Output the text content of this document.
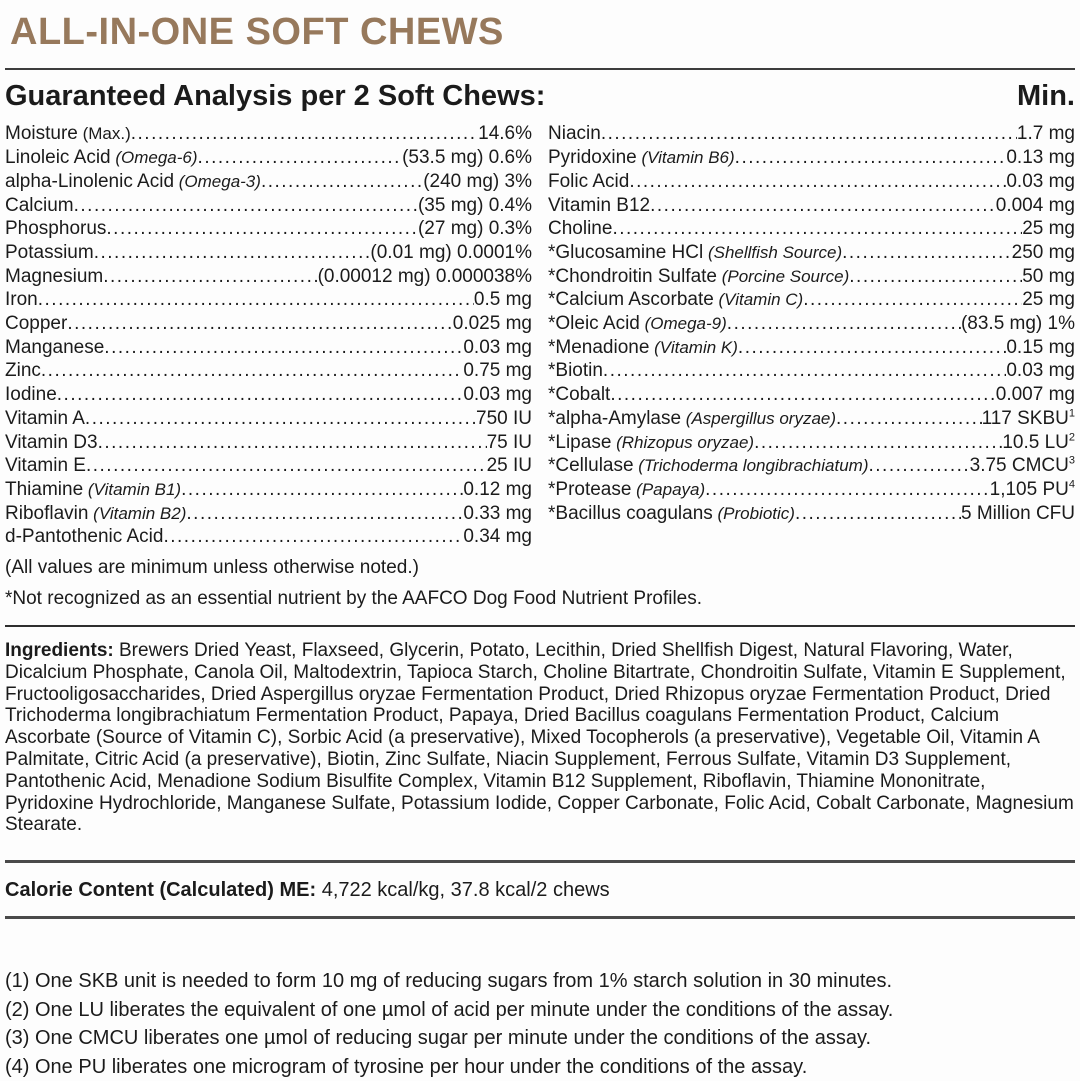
ALL-IN-ONE SOFT CHEWS
Guaranteed Analysis per 2 Soft Chews:	Min.
Moisture (Max.) .....	14.6%
Linoleic Acid (Omega-6) .....	(53.5 mg) 0.6%
alpha-Linolenic Acid (Omega-3) .....	(240 mg) 3%
Calcium .....	(35 mg) 0.4%
Phosphorus .....	(27 mg) 0.3%
Potassium .....	(0.01 mg) 0.0001%
Magnesium .....	(0.00012 mg) 0.000038%
Iron .....	0.5 mg
Copper .....	0.025 mg
Manganese .....	0.03 mg
Zinc .....	0.75 mg
Iodine .....	0.03 mg
Vitamin A .....	750 IU
Vitamin D3 .....	75 IU
Vitamin E .....	25 IU
Thiamine (Vitamin B1) .....	0.12 mg
Riboflavin (Vitamin B2) .....	0.33 mg
d-Pantothenic Acid .....	0.34 mg
Niacin .....	1.7 mg
Pyridoxine (Vitamin B6) .....	0.13 mg
Folic Acid .....	0.03 mg
Vitamin B12 .....	0.004 mg
Choline .....	25 mg
*Glucosamine HCl (Shellfish Source) .....	250 mg
*Chondroitin Sulfate (Porcine Source) .....	50 mg
*Calcium Ascorbate (Vitamin C) .....	25 mg
*Oleic Acid (Omega-9) .....	(83.5 mg) 1%
*Menadione (Vitamin K) .....	0.15 mg
*Biotin .....	0.03 mg
*Cobalt .....	0.007 mg
*alpha-Amylase (Aspergillus oryzae) .....	117 SKBU$^1$
*Lipase (Rhizopus oryzae) .....	10.5 $LU^2$
*Cellulase (Trichoderma longibrachiatum) .....	3.75 CMCU$^3$
*Protease (Papaya) .....	1,105 $PU^4$
*Bacillus coagulans (Probiotic) .....	5 Million CFU
(All values are minimum unless otherwise noted.)
*Not recognized as an essential nutrient by the AAFCO Dog Food Nutrient Profiles.
Ingredients: Brewers Dried Yeast, Flaxseed, Glycerin, Potato, Lecithin, Dried Shellfish Digest, Natural Flavoring, Water, Dicalcium Phosphate, Canola Oil, Maltodextrin, Tapioca Starch, Choline Bitartrate, Chondroitin Sulfate, Vitamin E Supplement, Fructooligosaccharides, Dried Aspergillus oryzae Fermentation Product, Dried Rhizopus oryzae Fermentation Product, Dried Trichoderma longibrachiatum Fermentation Product, Papaya, Dried Bacillus coagulans Fermentation Product, Calcium Ascorbate (Source of Vitamin C), Sorbic Acid (a preservative), Mixed Tocopherols (a preservative), Vegetable Oil, Vitamin A Palmitate, Citric Acid (a preservative), Biotin, Zinc Sulfate, Niacin Supplement, Ferrous Sulfate, Vitamin D3 Supplement, Pantothenic Acid, Menadione Sodium Bisulfite Complex, Vitamin B12 Supplement, Riboflavin, Thiamine Mononitrate, Pyridoxine Hydrochloride, Manganese Sulfate, Potassium Iodide, Copper Carbonate, Folic Acid, Cobalt Carbonate, Magnesium Stearate.
Calorie Content (Calculated) ME: 4,722 kcal/kg, 37.8 kcal/2 chews
(1) One SKB unit is needed to form 10 mg of reducing sugars from 1% starch solution in 30 minutes.
(2) One LU liberates the equivalent of one µmol of acid per minute under the conditions of the assay.
(3) One CMCU liberates one µmol of reducing sugar per minute under the conditions of the assay.
(4) One PU liberates one microgram of tyrosine per hour under the conditions of the assay.
